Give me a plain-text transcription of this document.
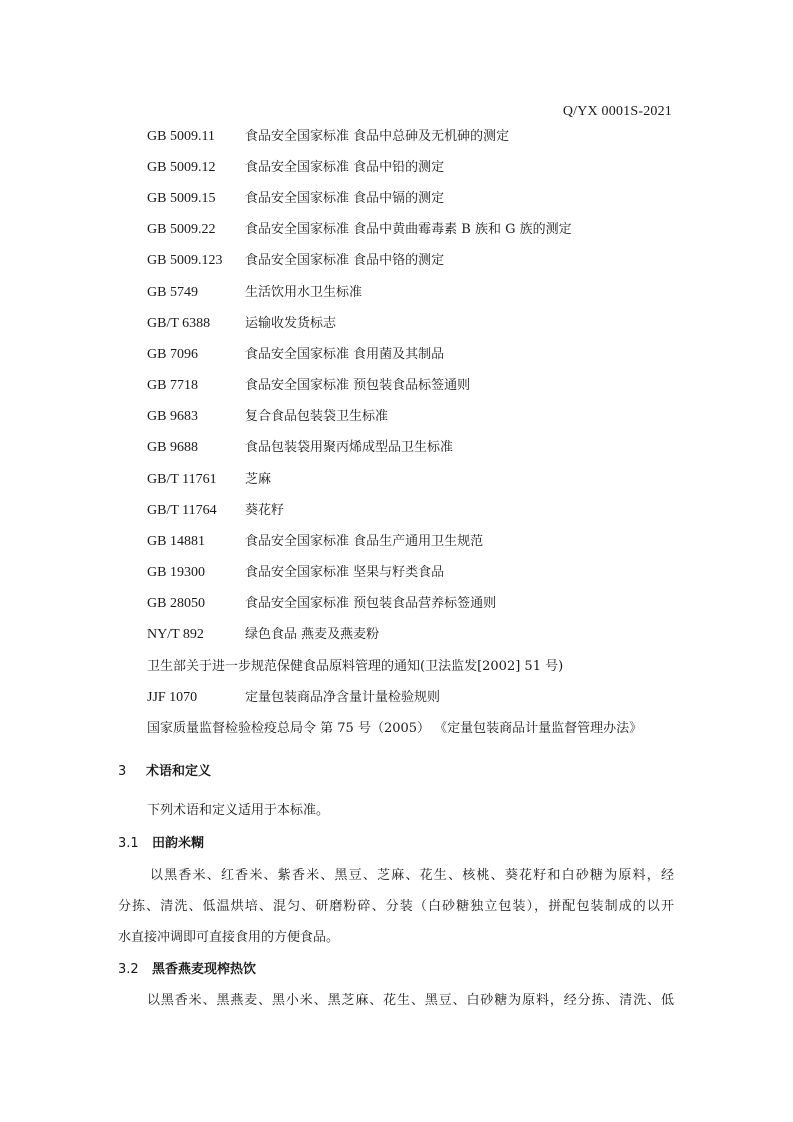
Q/YX 0001S-2021
GB 5009.11 食品安全国家标准 食品中总砷及无机砷的测定
GB 5009.12 食品安全国家标准 食品中铅的测定
GB 5009.15 食品安全国家标准 食品中镉的测定
GB 5009.22 食品安全国家标准 食品中黄曲霉毒素 B 族和 G 族的测定
GB 5009.123 食品安全国家标准 食品中铬的测定
GB 5749	生活饮用水卫生标准
GB/T 6388	运输收发货标志
GB 7096	食品安全国家标准 食用菌及其制品
GB 7718	食品安全国家标准 预包装食品标签通则
GB 9683	复合食品包装袋卫生标准
GB 9688	食品包装袋用聚丙烯成型品卫生标准
GB/T 11761 芝麻
GB/T 11764 葵花籽
GB 14881	食品安全国家标准 食品生产通用卫生规范
GB 19300	食品安全国家标准 坚果与籽类食品
GB 28050	食品安全国家标准 预包装食品营养标签通则
NY/T 892	绿色食品 燕麦及燕麦粉
卫生部关于进一步规范保健食品原料管理的通知(卫法监发[2002] 51 号)
JJF 1070	定量包装商品净含量计量检验规则
国家质量监督检验检疫总局令 第 75 号（2005） 《定量包装商品计量监督管理办法》
3 术语和定义
下列术语和定义适用于本标准。
3.1 田韵米糊
以黑香米、红香米、紫香米、黑豆、芝麻、花生、核桃、葵花籽和白砂糖为原料，经
分拣、清洗、低温烘培、混匀、研磨粉碎、分装（白砂糖独立包装），拼配包装制成的以开
水直接冲调即可直接食用的方便食品。
3.2 黑香燕麦现榨热饮
以黑香米、黑燕麦、黑小米、黑芝麻、花生、黑豆、白砂糖为原料，经分拣、清洗、低
